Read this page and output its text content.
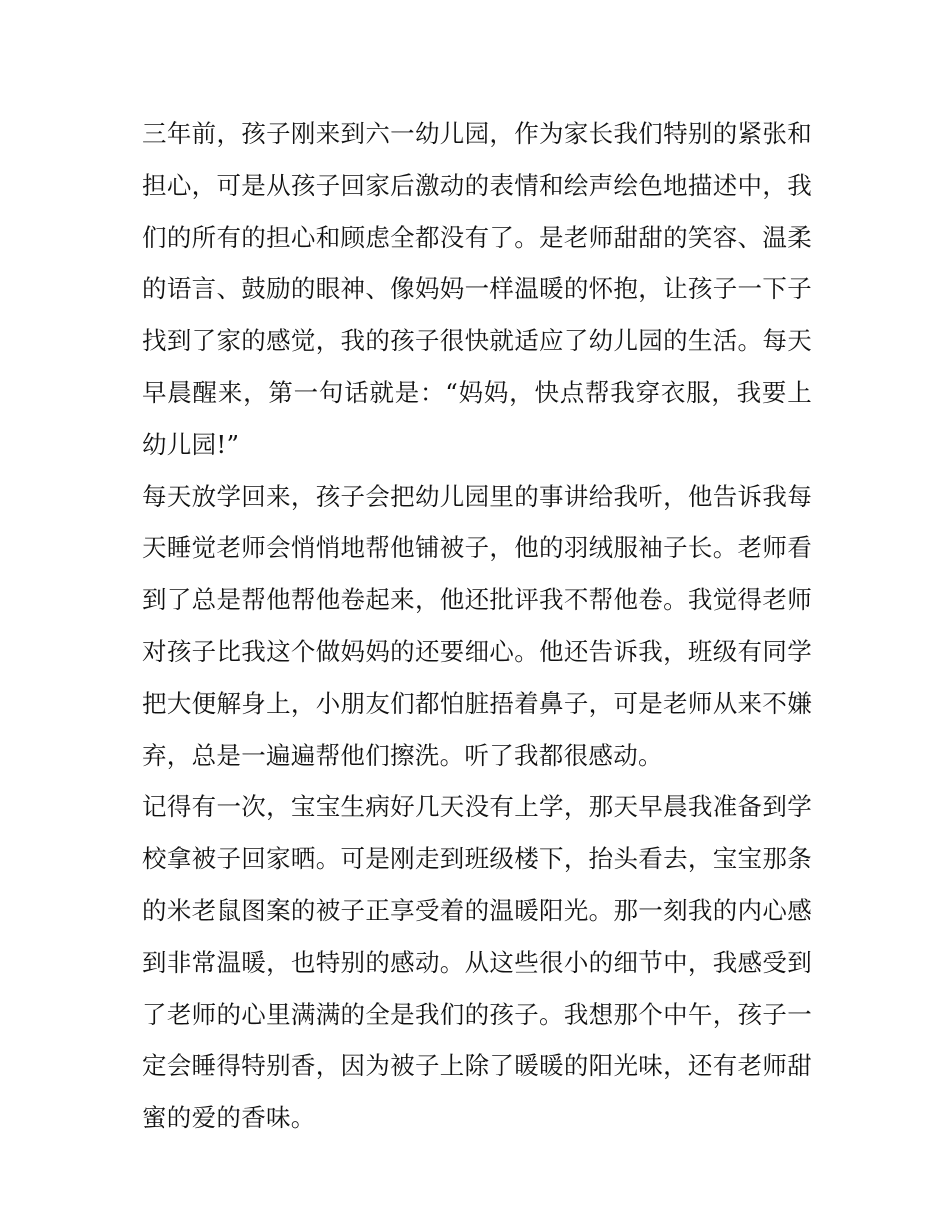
三年前，孩子刚来到六一幼儿园，作为家长我们特别的紧张和担心，可是从孩子回家后激动的表情和绘声绘色地描述中，我们的所有的担心和顾虑全都没有了。是老师甜甜的笑容、温柔的语言、鼓励的眼神、像妈妈一样温暖的怀抱，让孩子一下子找到了家的感觉，我的孩子很快就适应了幼儿园的生活。每天早晨醒来，第一句话就是：“妈妈，快点帮我穿衣服，我要上幼儿园!”

每天放学回来，孩子会把幼儿园里的事讲给我听，他告诉我每天睡觉老师会悄悄地帮他铺被子，他的羽绒服袖子长。老师看到了总是帮他帮他卷起来，他还批评我不帮他卷。我觉得老师对孩子比我这个做妈妈的还要细心。他还告诉我，班级有同学把大便解身上，小朋友们都怕脏捂着鼻子，可是老师从来不嫌弃，总是一遍遍帮他们擦洗。听了我都很感动。

记得有一次，宝宝生病好几天没有上学，那天早晨我准备到学校拿被子回家晒。可是刚走到班级楼下，抬头看去，宝宝那条的米老鼠图案的被子正享受着的温暖阳光。那一刻我的内心感到非常温暖，也特别的感动。从这些很小的细节中，我感受到了老师的心里满满的全是我们的孩子。我想那个中午，孩子一定会睡得特别香，因为被子上除了暖暖的阳光味，还有老师甜蜜的爱的香味。
